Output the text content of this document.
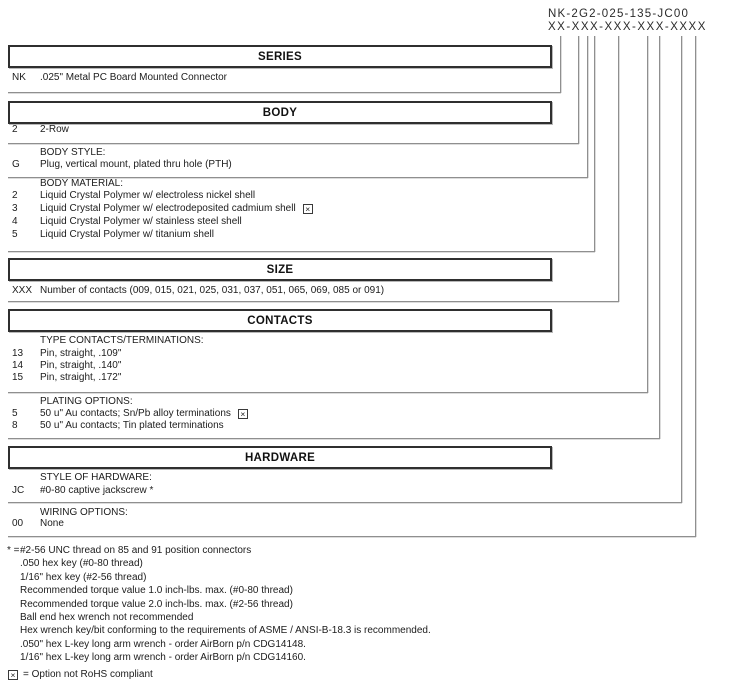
NK-2G2-025-135-JC00
XX-XXX-XXX-XXX-XXXX
SERIES
NK .025" Metal PC Board Mounted Connector
BODY
2 2-Row
BODY STYLE:
G Plug, vertical mount, plated thru hole (PTH)
BODY MATERIAL:
2 Liquid Crystal Polymer w/ electroless nickel shell
3 Liquid Crystal Polymer w/ electrodeposited cadmium shell ×
4 Liquid Crystal Polymer w/ stainless steel shell
5 Liquid Crystal Polymer w/ titanium shell
SIZE
XXX Number of contacts (009, 015, 021, 025, 031, 037, 051, 065, 069, 085 or 091)
CONTACTS
TYPE CONTACTS/TERMINATIONS:
13 Pin, straight, .109"
14 Pin, straight, .140"
15 Pin, straight, .172"
PLATING OPTIONS:
5 50 u" Au contacts; Sn/Pb alloy terminations ×
8 50 u" Au contacts; Tin plated terminations
HARDWARE
STYLE OF HARDWARE:
JC #0-80 captive jackscrew *
WIRING OPTIONS:
00 None
* = #2-56 UNC thread on 85 and 91 position connectors
.050 hex key (#0-80 thread)
1/16" hex key (#2-56 thread)
Recommended torque value 1.0 inch-lbs. max. (#0-80 thread)
Recommended torque value 2.0 inch-lbs. max. (#2-56 thread)
Ball end hex wrench not recommended
Hex wrench key/bit conforming to the requirements of ASME / ANSI-B-18.3 is recommended.
.050" hex L-key long arm wrench - order AirBorn p/n CDG14148.
1/16" hex L-key long arm wrench - order AirBorn p/n CDG14160.
× = Option not RoHS compliant
